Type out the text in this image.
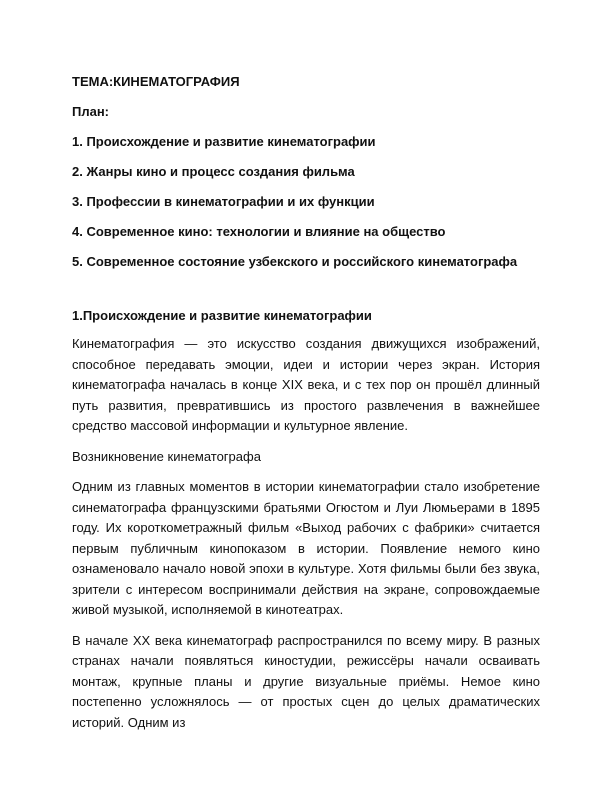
ТЕМА:КИНЕМАТОГРАФИЯ

План:

1. Происхождение и развитие кинематографии

2. Жанры кино и процесс создания фильма

3. Профессии в кинематографии и их функции

4. Современное кино: технологии и влияние на общество

5. Современное состояние узбекского и российского кинематографа

1.Происхождение и развитие кинематографии

Кинематография — это искусство создания движущихся изображений, способное передавать эмоции, идеи и истории через экран. История кинематографа началась в конце XIX века, и с тех пор он прошёл длинный путь развития, превратившись из простого развлечения в важнейшее средство массовой информации и культурное явление.

Возникновение кинематографа

Одним из главных моментов в истории кинематографии стало изобретение синематографа французскими братьями Огюстом и Луи Люмьерами в 1895 году. Их короткометражный фильм «Выход рабочих с фабрики» считается первым публичным кинопоказом в истории. Появление немого кино ознаменовало начало новой эпохи в культуре. Хотя фильмы были без звука, зрители с интересом воспринимали действия на экране, сопровождаемые живой музыкой, исполняемой в кинотеатрах.

В начале XX века кинематограф распространился по всему миру. В разных странах начали появляться киностудии, режиссёры начали осваивать монтаж, крупные планы и другие визуальные приёмы. Немое кино постепенно усложнялось — от простых сцен до целых драматических историй. Одним из
